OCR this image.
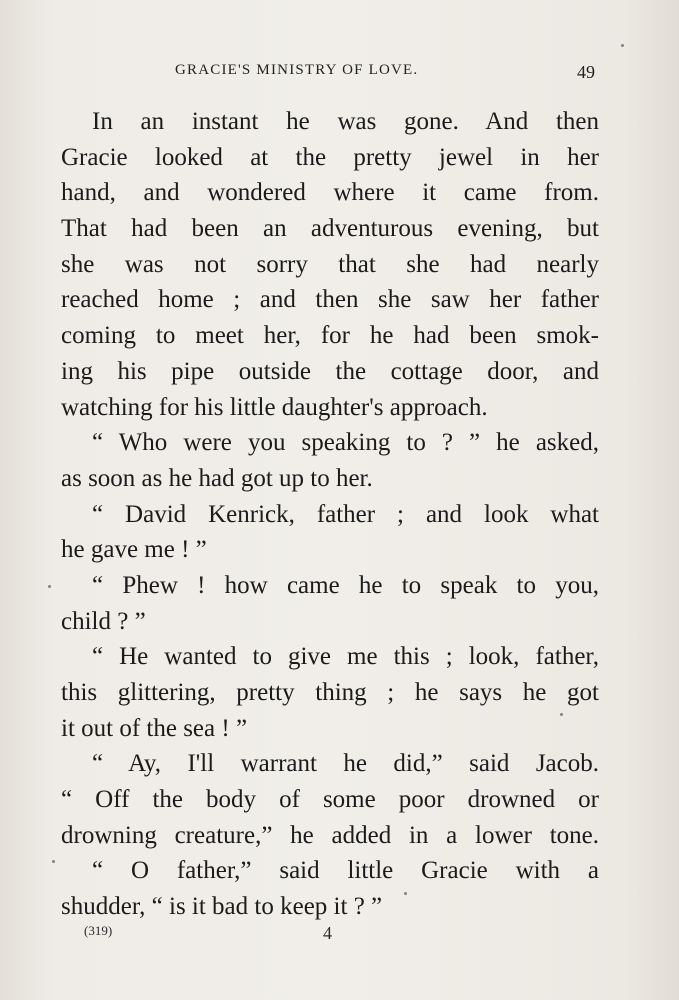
GRACIE'S MINISTRY OF LOVE.	49
In an instant he was gone. And then
Gracie looked at the pretty jewel in her
hand, and wondered where it came from.
That had been an adventurous evening, but
she was not sorry that she had nearly
reached home ; and then she saw her father
coming to meet her, for he had been smok-
ing his pipe outside the cottage door, and
watching for his little daughter's approach.
“ Who were you speaking to ? ” he asked,
as soon as he had got up to her.
“ David Kenrick, father ; and look what
he gave me ! ”
“ Phew ! how came he to speak to you,
child ? ”
“ He wanted to give me this ; look, father,
this glittering, pretty thing ; he says he got
it out of the sea ! ”
“ Ay, I'll warrant he did,” said Jacob.
“ Off the body of some poor drowned or
drowning creature,” he added in a lower tone.
“ O father,” said little Gracie with a
shudder, “ is it bad to keep it ? ”
(319)	4
